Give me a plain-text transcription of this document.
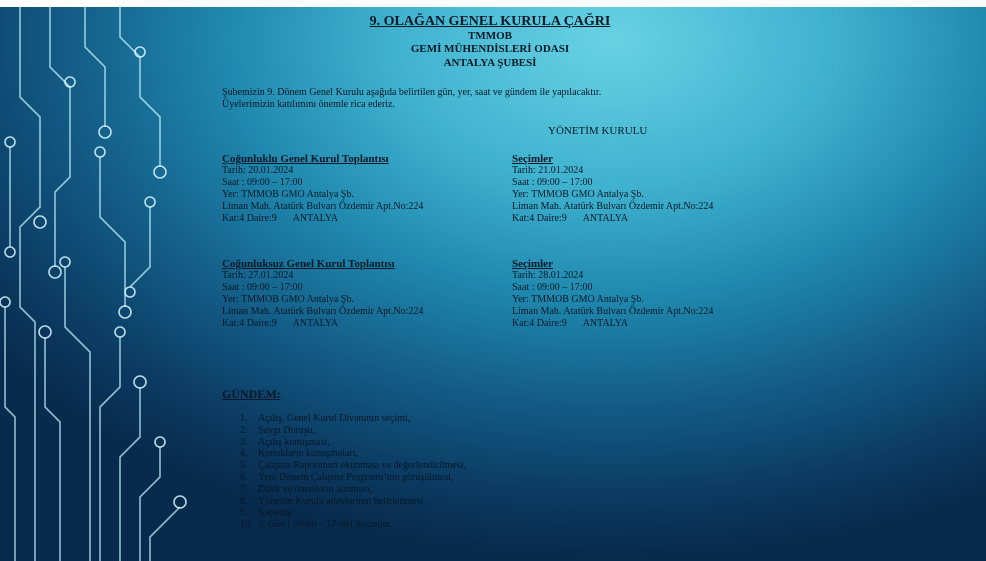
9. OLAĞAN GENEL KURULA ÇAĞRI
TMMOB
GEMİ MÜHENDİSLERİ ODASI
ANTALYA ŞUBESİ
Şubemizin 9. Dönem Genel Kurulu aşağıda belirtilen gün, yer, saat ve gündem ile yapılacaktır.
Üyelerimizin katılımını önemle rica ederiz.
YÖNETİM KURULU
Çoğunluklu Genel Kurul Toplantısı
Tarih: 20.01.2024
Saat : 09:00 – 17:00
Yer: TMMOB GMO Antalya Şb.
Liman Mah. Atatürk Bulvarı Özdemir Apt.No:224
Kat:4 Daire:9 ANTALYA
Seçimler
Tarih: 21.01.2024
Saat : 09:00 – 17:00
Yer: TMMOB GMO Antalya Şb.
Liman Mah. Atatürk Bulvarı Özdemir Apt.No:224
Kat:4 Daire:9 ANTALYA
Çoğunluksuz Genel Kurul Toplantısı
Tarih: 27.01.2024
Saat : 09:00 – 17:00
Yer: TMMOB GMO Antalya Şb.
Liman Mah. Atatürk Bulvarı Özdemir Apt.No:224
Kat:4 Daire:9 ANTALYA
Seçimler
Tarih: 28.01.2024
Saat : 09:00 – 17:00
Yer: TMMOB GMO Antalya Şb.
Liman Mah. Atatürk Bulvarı Özdemir Apt.No:224
Kat:4 Daire:9 ANTALYA
GÜNDEM:
1. Açılış, Genel Kurul Divanının seçimi,
2. Saygı Duruşu,
3. Açılış konuşması,
4. Konukların konuşmaları,
5. Çalışma Raporunun okunması ve değerlendirilmesi,
6. Yeni Dönem Çalışma Programı’nın görüşülmesi,
7. Dilek ve önerilerin alınması,
8. Yönetim Kurulu adaylarının belirlenmesi,
9. Kapanış.
10. 2. Gün ( 09:00 – 17:00) Seçimler.
